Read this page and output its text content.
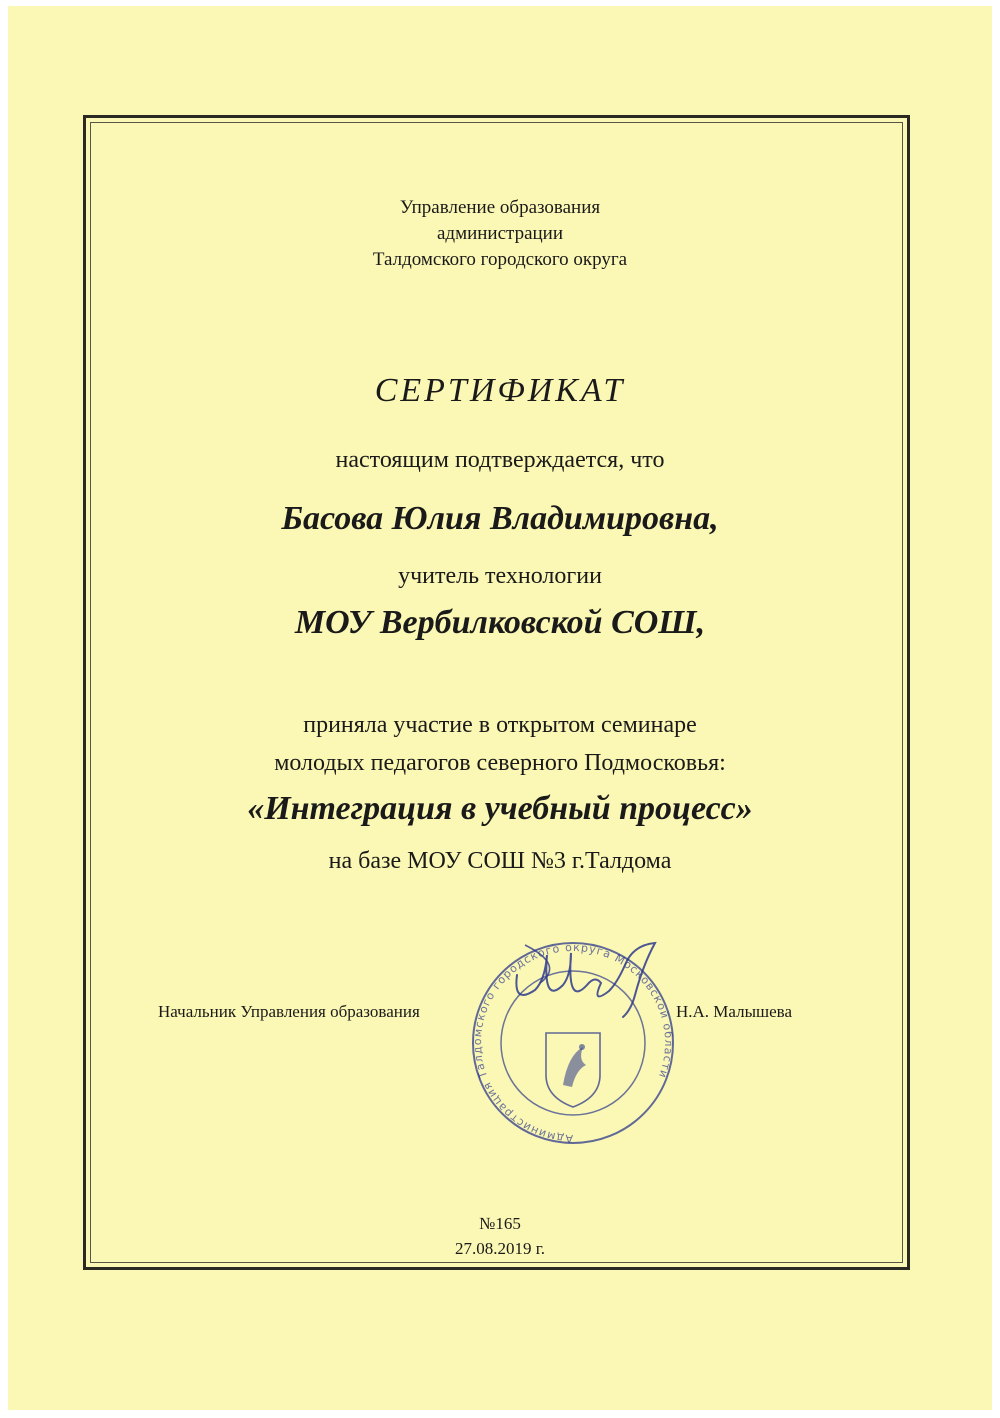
Управление образования
администрации
Талдомского городского округа
СЕРТИФИКАТ
настоящим подтверждается, что
Басова Юлия Владимировна,
учитель технологии
МОУ Вербилковской СОШ,
приняла участие в открытом семинаре
молодых педагогов северного Подмосковья:
«Интеграция в учебный процесс»
на базе МОУ СОШ №3 г.Талдома
Администрация Талдомского городского округа Московской области
Начальник Управления образования	Н.А. Малышева
№165
27.08.2019 г.
